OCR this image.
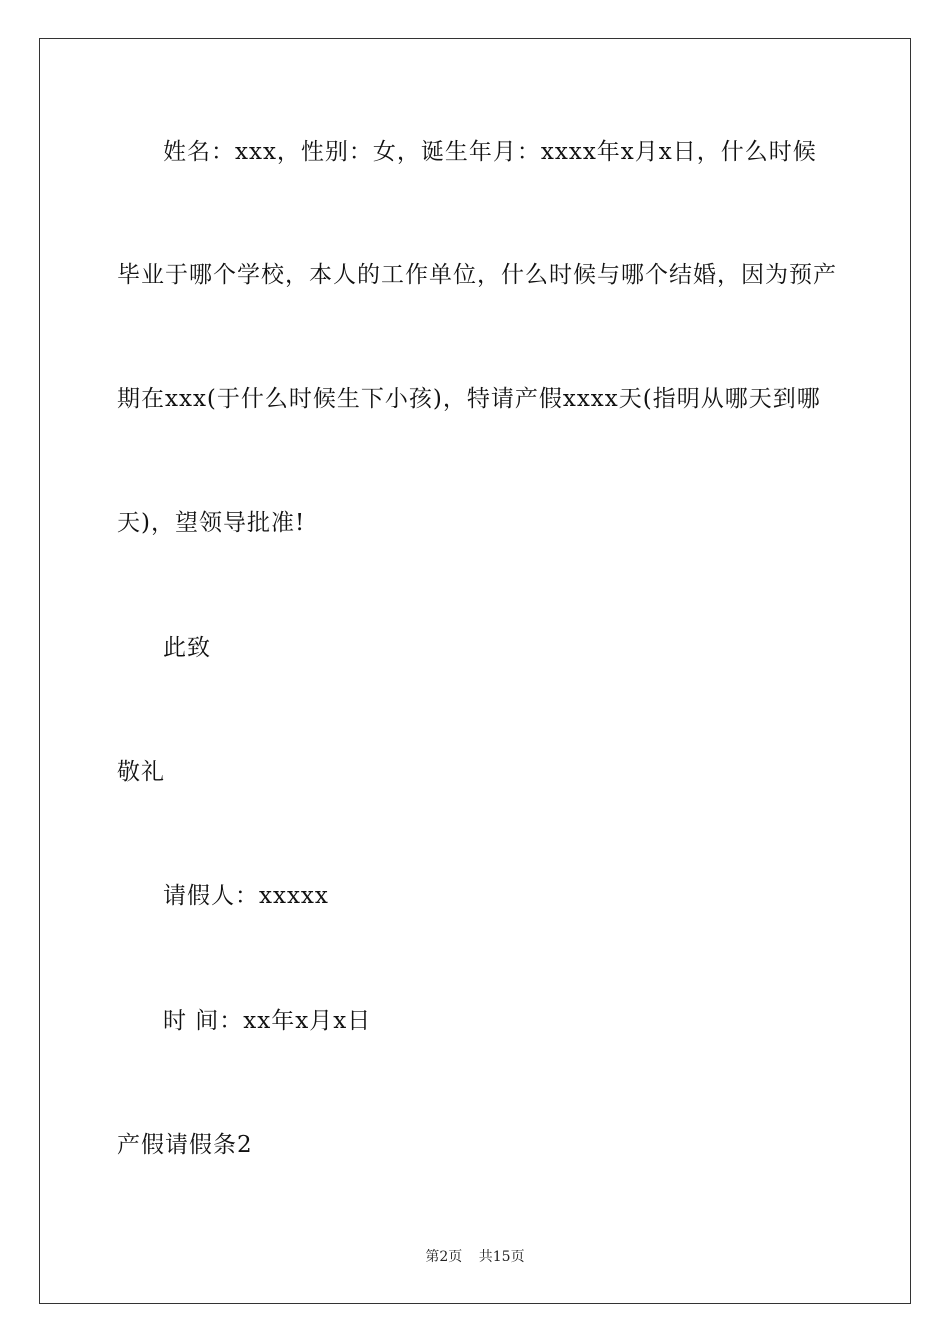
姓名：xxx，性别：女，诞生年月：xxxx年x月x日，什么时候
毕业于哪个学校，本人的工作单位，什么时候与哪个结婚，因为预产
期在xxx(于什么时候生下小孩)，特请产假xxxx天(指明从哪天到哪
天)，望领导批准!
此致
敬礼
请假人：xxxxx
时 间：xx年x月x日
产假请假条2
第2页 共15页
